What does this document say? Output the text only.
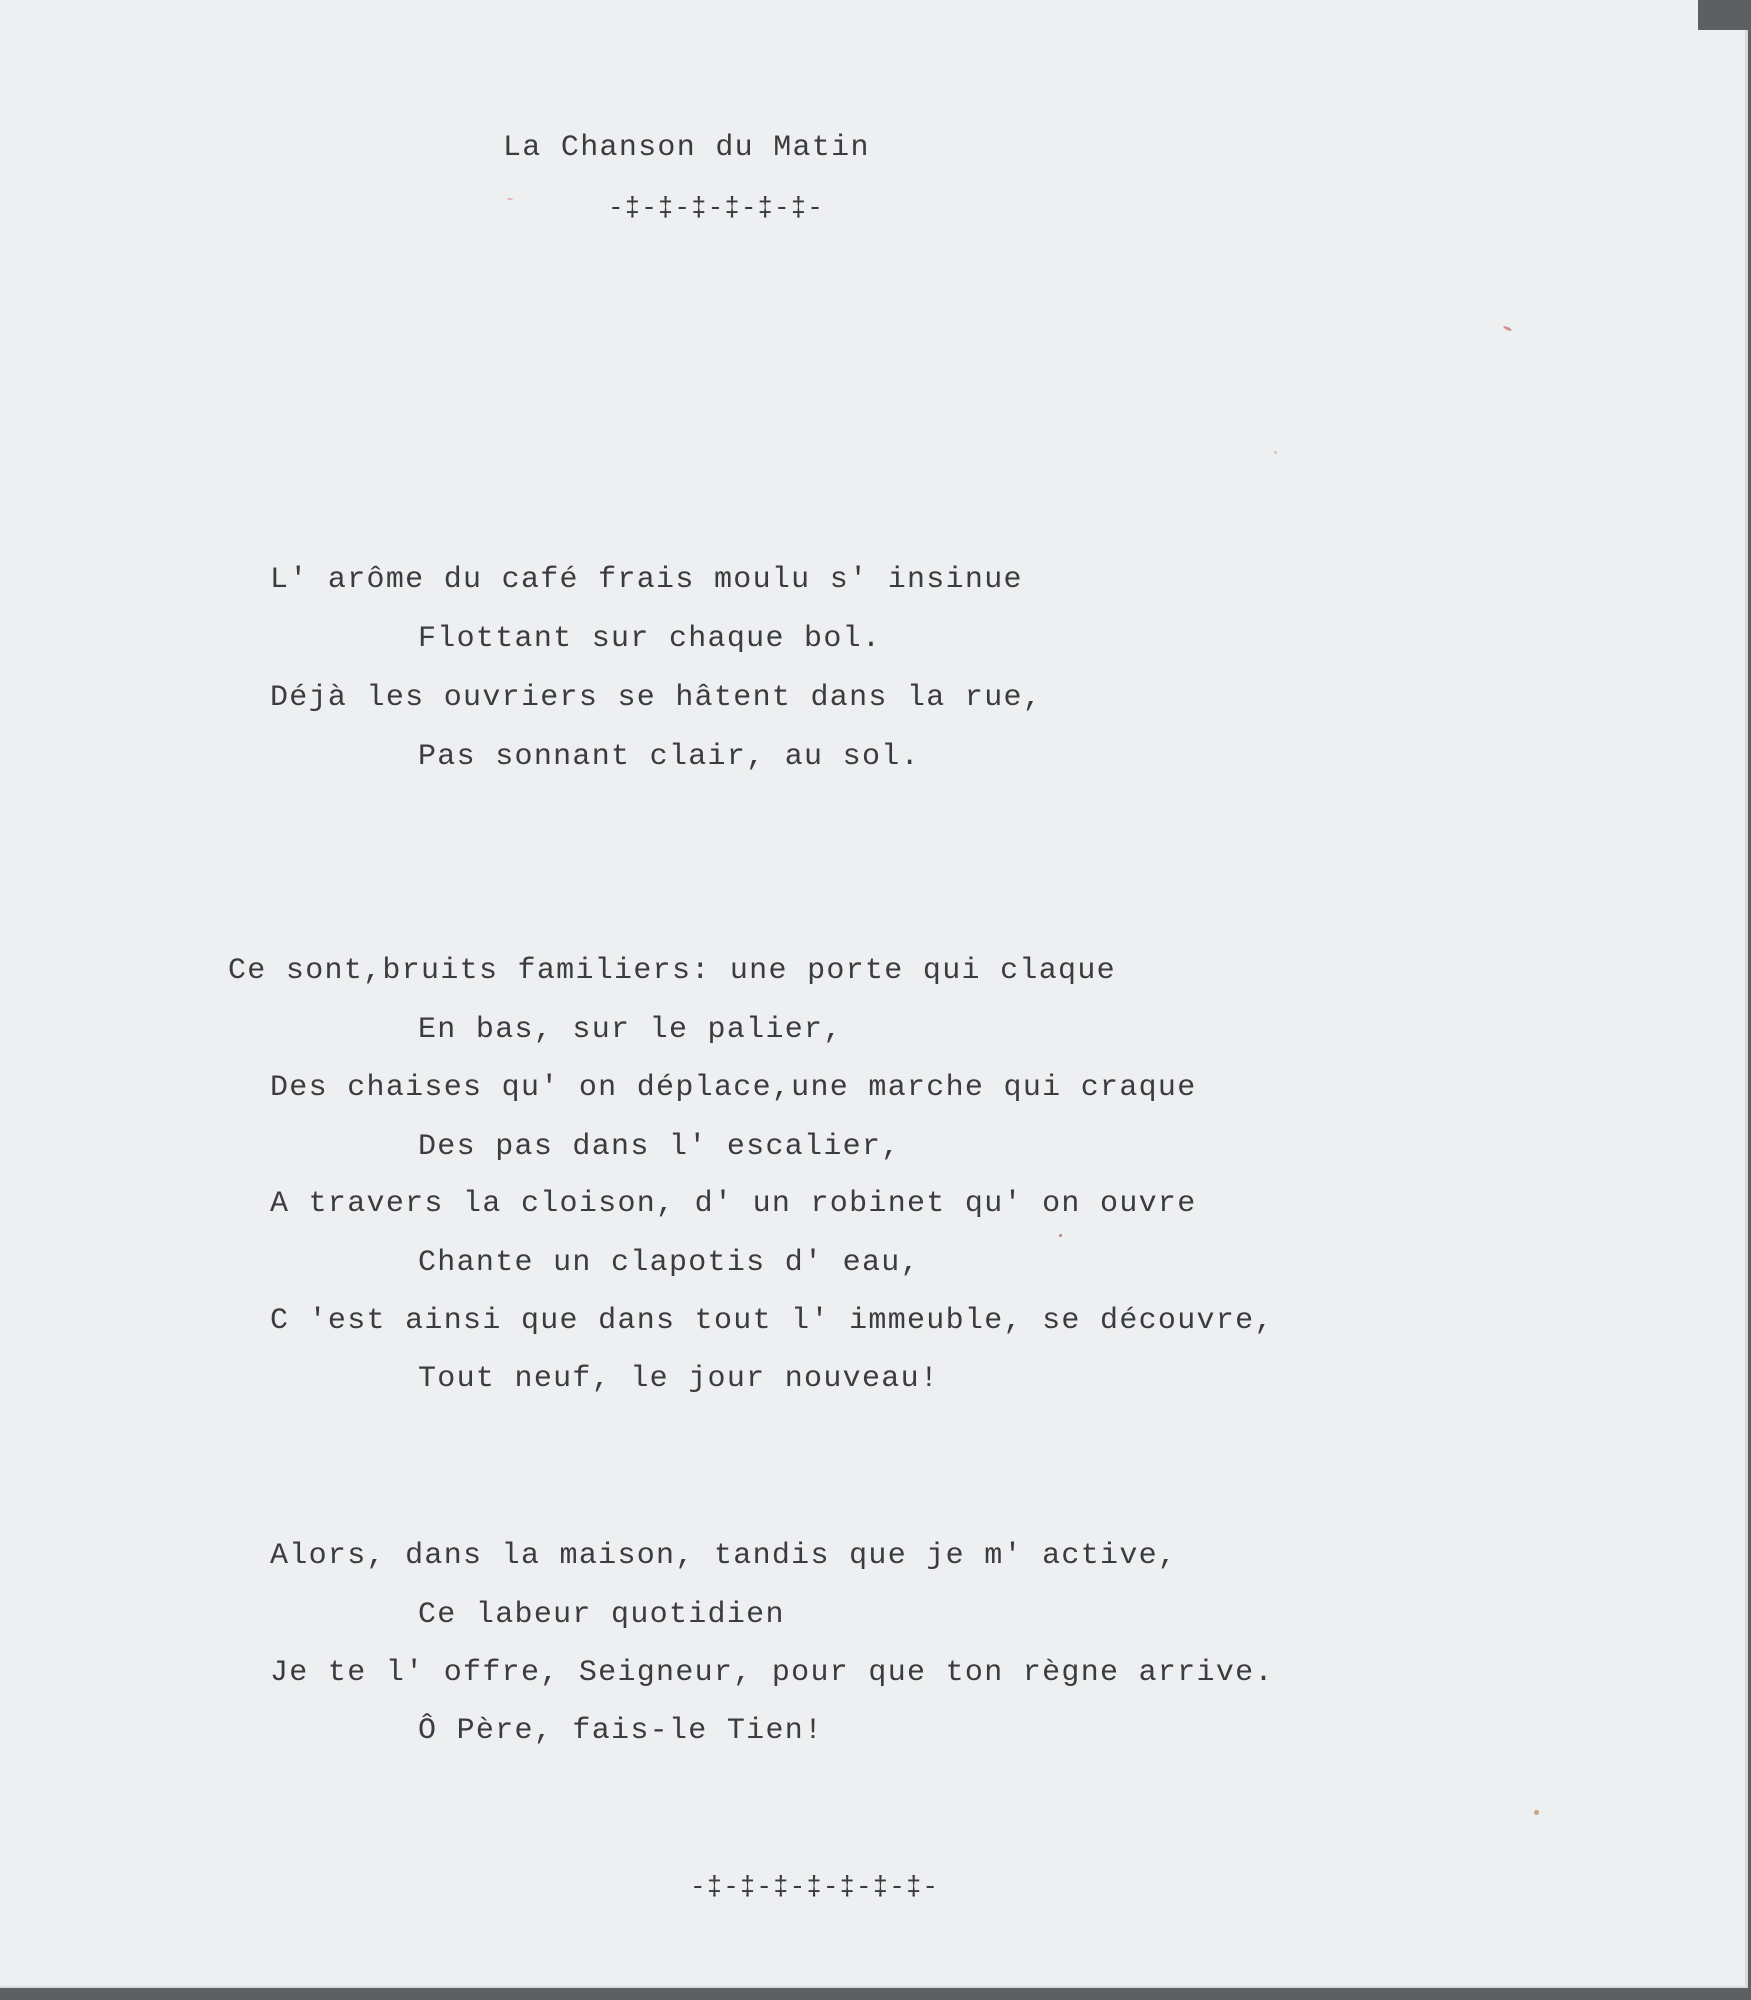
La Chanson du Matin
-‡-‡-‡-‡-‡-‡-
L' arôme du café frais moulu s' insinue
Flottant sur chaque bol.
Déjà les ouvriers se hâtent dans la rue,
Pas sonnant clair, au sol.
Ce sont,bruits familiers: une porte qui claque
En bas, sur le palier,
Des chaises qu' on déplace,une marche qui craque
Des pas dans l' escalier,
A travers la cloison, d' un robinet qu' on ouvre
Chante un clapotis d' eau,
C 'est ainsi que dans tout l' immeuble, se découvre,
Tout neuf, le jour nouveau!
Alors, dans la maison, tandis que je m' active,
Ce labeur quotidien
Je te l' offre, Seigneur, pour que ton règne arrive.
Ô Père, fais-le Tien!
-‡-‡-‡-‡-‡-‡-‡-
